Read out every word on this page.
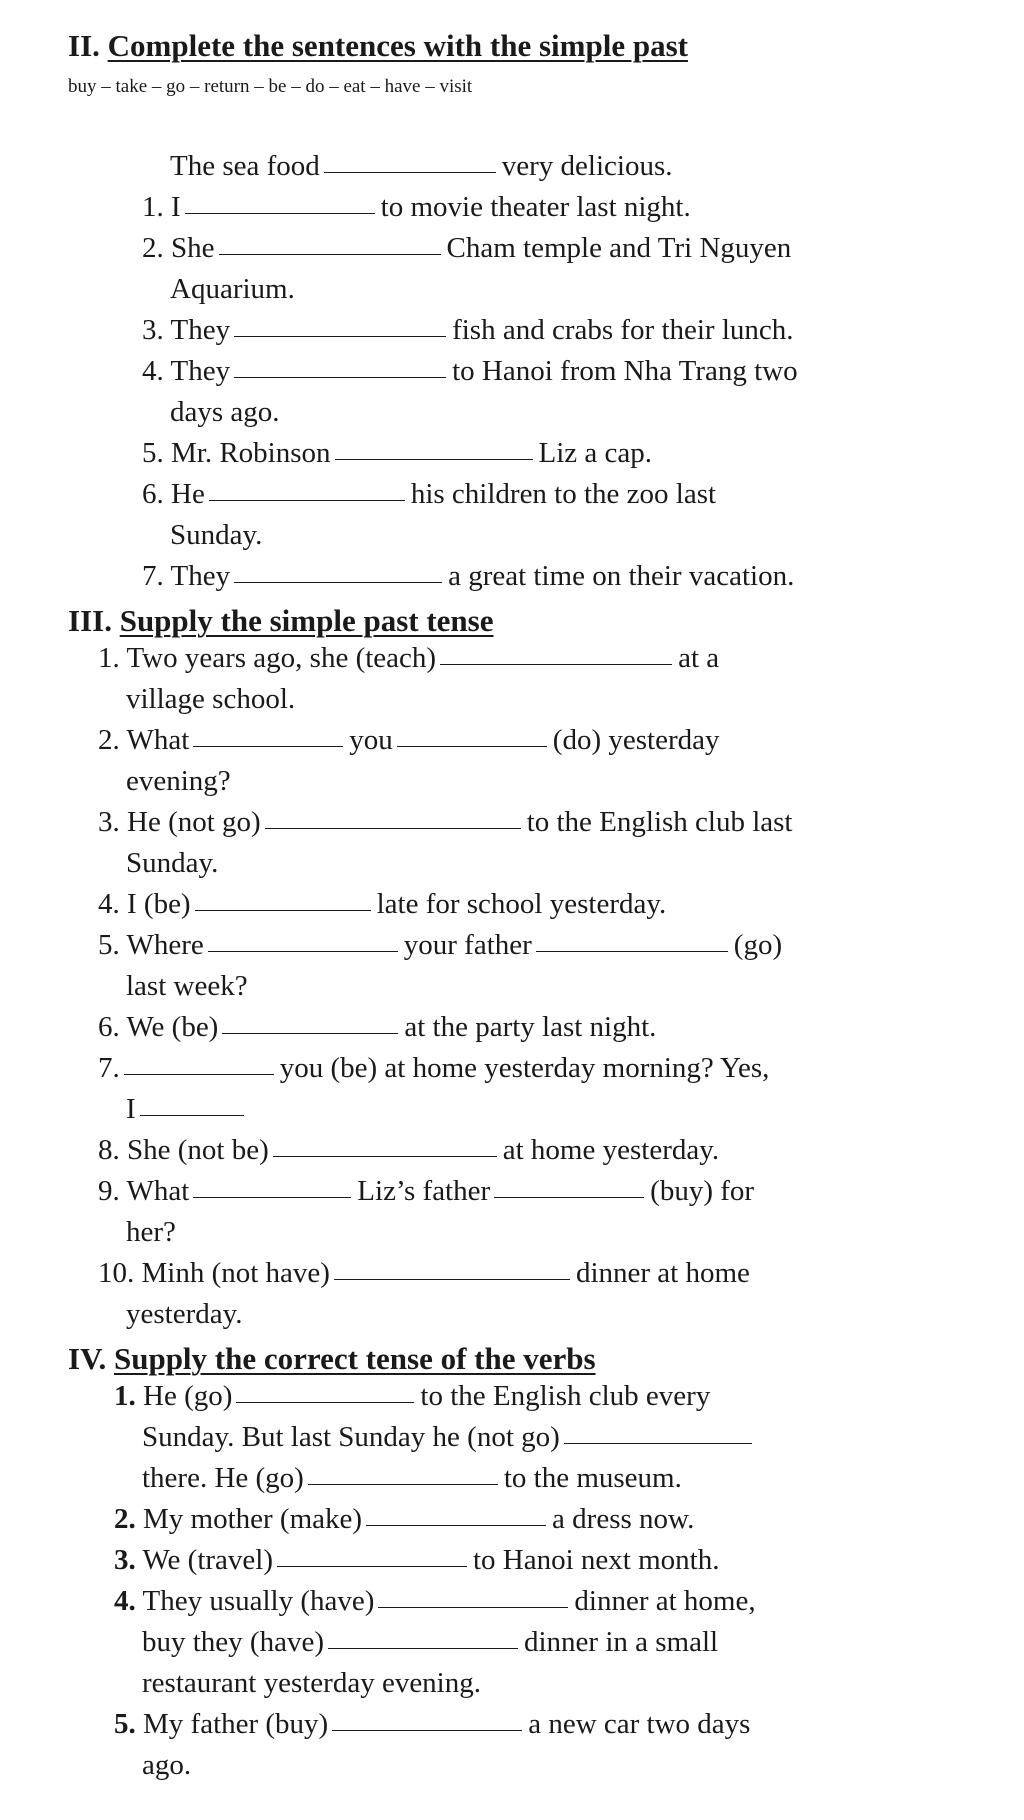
II. Complete the sentences with the simple past
buy – take – go – return – be – do – eat – have – visit
The sea food	very delicious.
1. I	to movie theater last night.
2. She	Cham temple and Tri Nguyen
Aquarium.
3. They	fish and crabs for their lunch.
4. They	to Hanoi from Nha Trang two
days ago.
5. Mr. Robinson	Liz a cap.
6. He	his children to the zoo last
Sunday.
7. They	a great time on their vacation.
III. Supply the simple past tense
1. Two years ago, she (teach)	at a
village school.
2. What	you	(do) yesterday
evening?
3. He (not go)	to the English club last
Sunday.
4. I (be)	late for school yesterday.
5. Where	your father	(go)
last week?
6. We (be)	at the party last night.
7.	you (be) at home yesterday morning? Yes,
I
8. She (not be)	at home yesterday.
9. What	Liz’s father	(buy) for
her?
10. Minh (not have)	dinner at home
yesterday.
IV. Supply the correct tense of the verbs
1. He (go)	to the English club every
Sunday. But last Sunday he (not go)
there. He (go)	to the museum.
2. My mother (make)	a dress now.
3. We (travel)	to Hanoi next month.
4. They usually (have)	dinner at home,
buy they (have)	dinner in a small
restaurant yesterday evening.
5. My father (buy)	a new car two days
ago.
